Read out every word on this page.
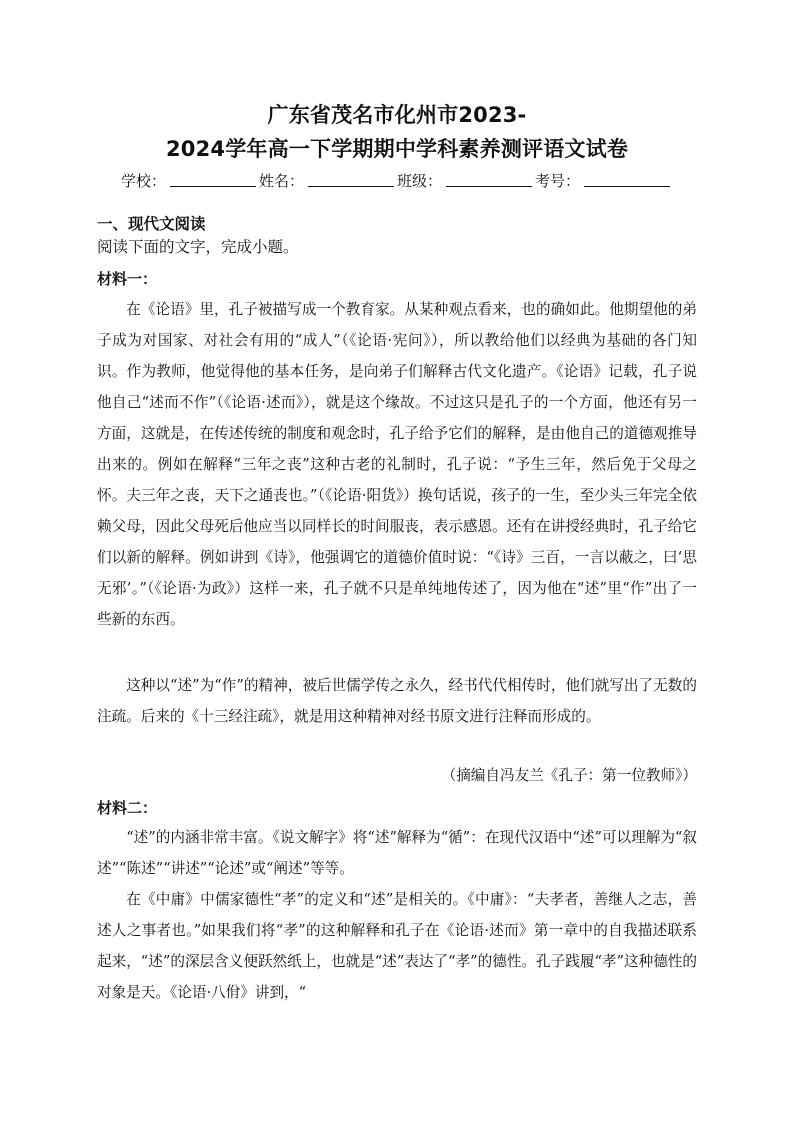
广东省茂名市化州市2023-
2024学年高一下学期期中学科素养测评语文试卷
学校：	姓名：	班级：	考号：
一、现代文阅读
阅读下面的文字，完成小题。
材料一：

在《论语》里，孔子被描写成一个教育家。从某种观点看来，也的确如此。他期望他的弟子成为对国家、对社会有用的“成人”（《论语·宪问》），所以教给他们以经典为基础的各门知识。作为教师，他觉得他的基本任务，是向弟子们解释古代文化遗产。《论语》记载，孔子说他自己“述而不作”（《论语·述而》），就是这个缘故。不过这只是孔子的一个方面，他还有另一方面，这就是，在传述传统的制度和观念时，孔子给予它们的解释，是由他自己的道德观推导出来的。例如在解释“三年之丧”这种古老的礼制时，孔子说：“予生三年，然后免于父母之怀。夫三年之丧，天下之通丧也。”（《论语·阳货》）换句话说，孩子的一生，至少头三年完全依赖父母，因此父母死后他应当以同样长的时间服丧，表示感恩。还有在讲授经典时，孔子给它们以新的解释。例如讲到《诗》，他强调它的道德价值时说：“《诗》三百，一言以蔽之，曰‘思无邪’。”（《论语·为政》）这样一来，孔子就不只是单纯地传述了，因为他在“述”里“作”出了一些新的东西。

这种以“述”为“作”的精神，被后世儒学传之永久，经书代代相传时，他们就写出了无数的注疏。后来的《十三经注疏》，就是用这种精神对经书原文进行注释而形成的。

（摘编自冯友兰《孔子：第一位教师》）
材料二：

“述”的内涵非常丰富。《说文解字》将“述”解释为“循”：在现代汉语中“述”可以理解为“叙述”“陈述”“讲述”“论述”或“阐述”等等。

在《中庸》中儒家德性“孝”的定义和“述”是相关的。《中庸》：“夫孝者，善继人之志，善述人之事者也。”如果我们将“孝”的这种解释和孔子在《论语·述而》第一章中的自我描述联系起来，“述”的深层含义便跃然纸上，也就是“述”表达了“孝”的德性。孔子践履“孝”这种德性的对象是天。《论语·八佾》讲到，“
